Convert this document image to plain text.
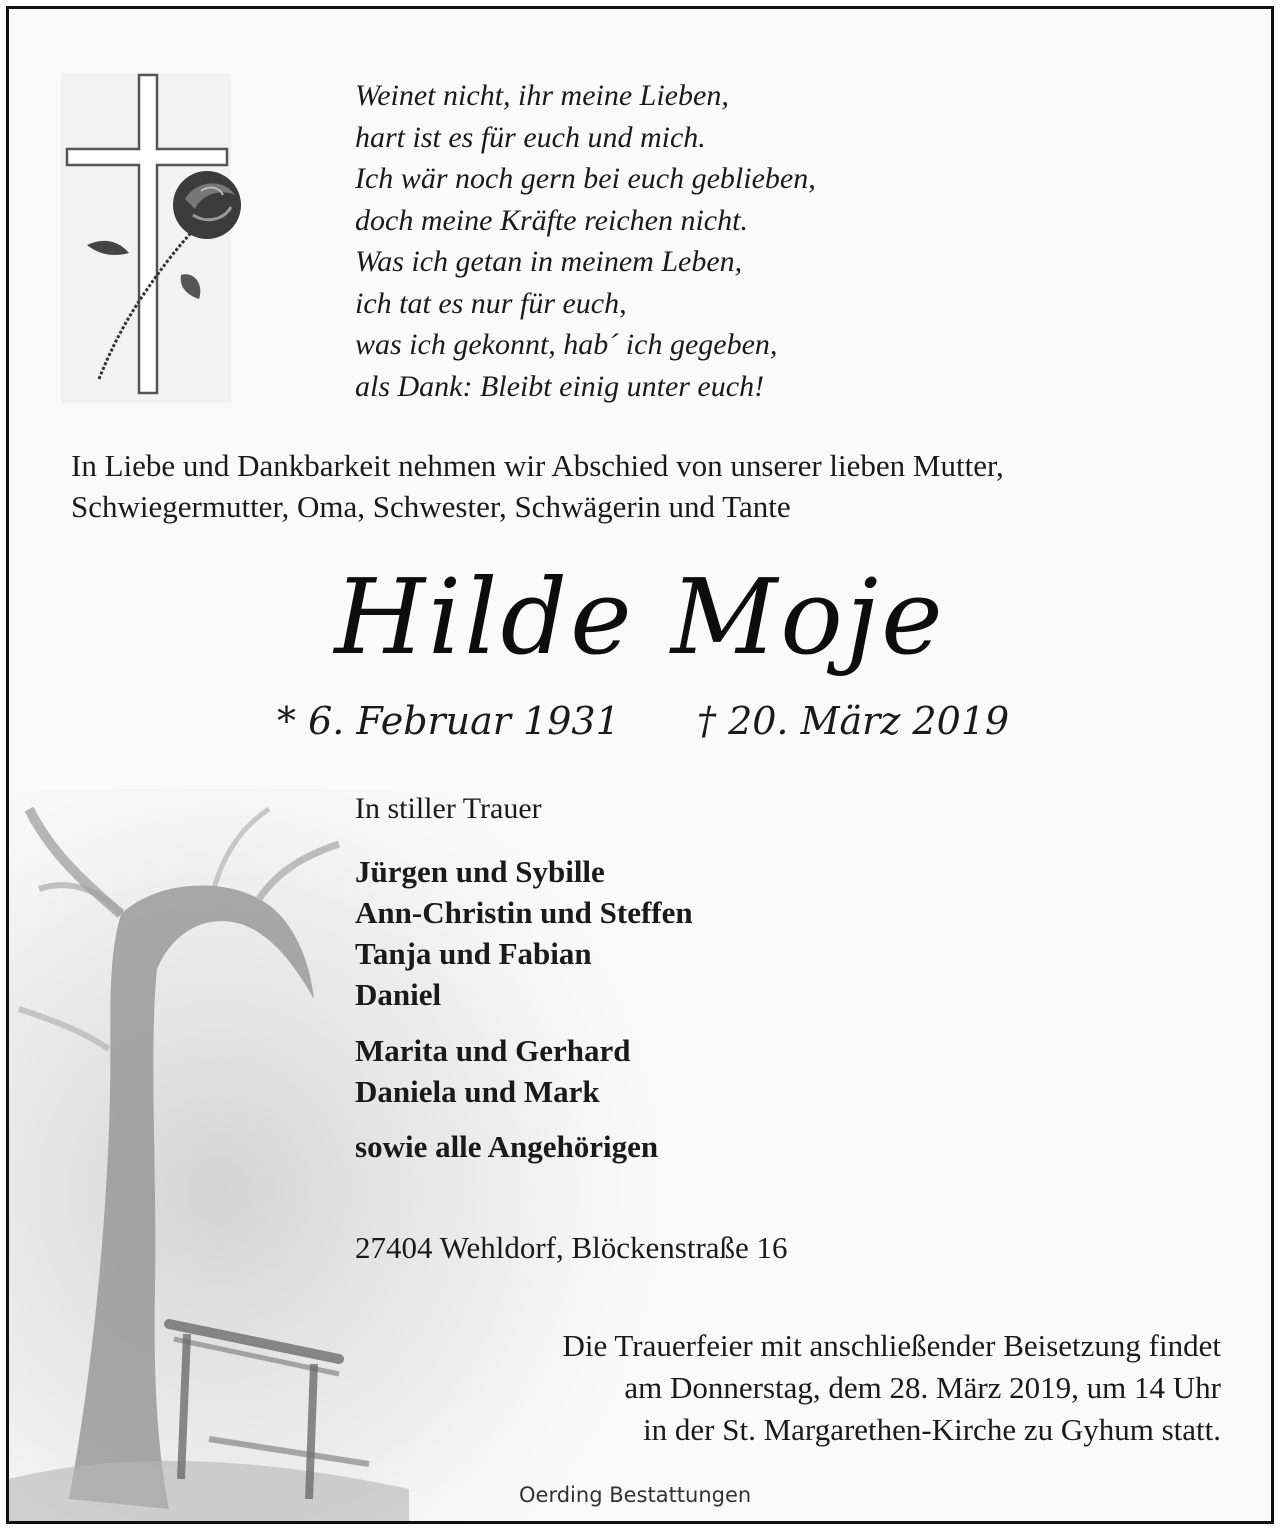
Weinet nicht, ihr meine Lieben,
hart ist es für euch und mich.
Ich wär noch gern bei euch geblieben,
doch meine Kräfte reichen nicht.
Was ich getan in meinem Leben,
ich tat es nur für euch,
was ich gekonnt, hab´ ich gegeben,
als Dank: Bleibt einig unter euch!
In Liebe und Dankbarkeit nehmen wir Abschied von unserer lieben Mutter,
Schwiegermutter, Oma, Schwester, Schwägerin und Tante
Hilde Moje
* 6. Februar 1931 † 20. März 2019
In stiller Trauer
Jürgen und Sybille
Ann-Christin und Steffen
Tanja und Fabian
Daniel
Marita und Gerhard
Daniela und Mark
sowie alle Angehörigen
27404 Wehldorf, Blöckenstraße 16
Die Trauerfeier mit anschließender Beisetzung findet
am Donnerstag, dem 28. März 2019, um 14 Uhr
in der St. Margarethen-Kirche zu Gyhum statt.
Oerding Bestattungen
